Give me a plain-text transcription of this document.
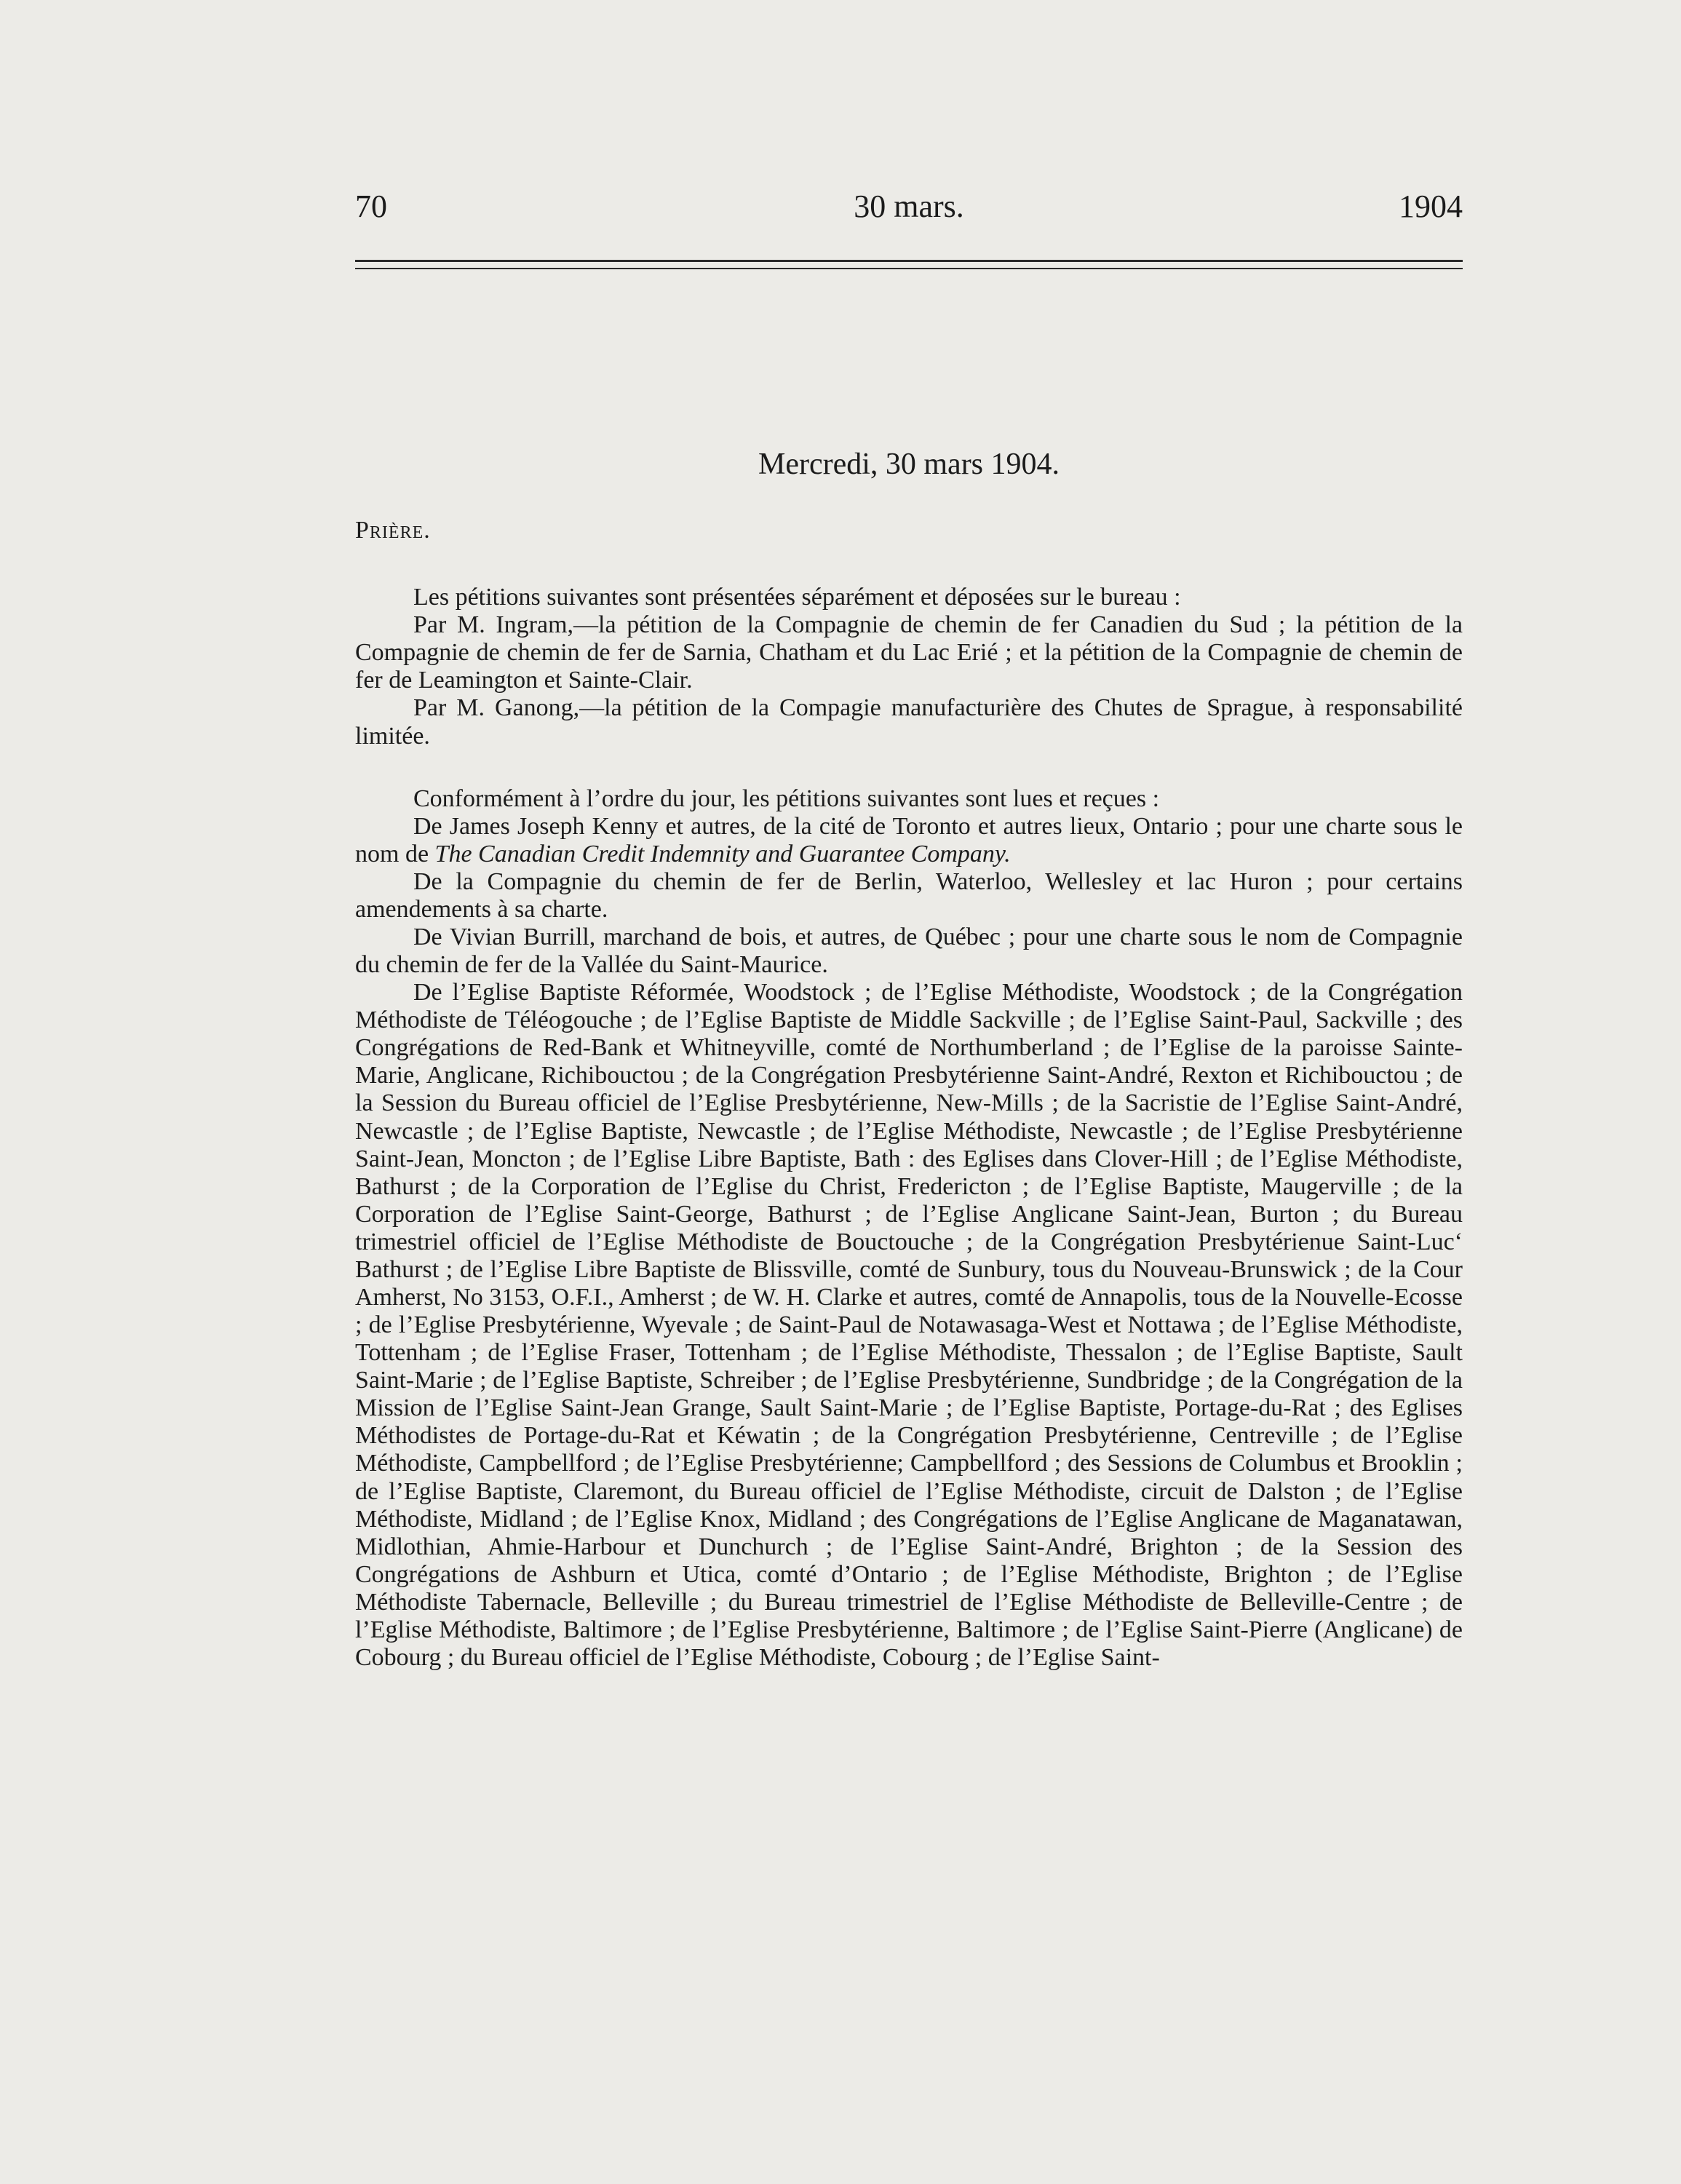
70	30 mars.	1904
Mercredi, 30 mars 1904.
Prière.

Les pétitions suivantes sont présentées séparément et déposées sur le bureau :

Par M. Ingram,—la pétition de la Compagnie de chemin de fer Canadien du Sud ; la pétition de la Compagnie de chemin de fer de Sarnia, Chatham et du Lac Erié ; et la pétition de la Compagnie de chemin de fer de Leamington et Sainte-Clair.

Par M. Ganong,—la pétition de la Compagie manufacturière des Chutes de Sprague, à responsabilité limitée.

Conformément à l’ordre du jour, les pétitions suivantes sont lues et reçues :

De James Joseph Kenny et autres, de la cité de Toronto et autres lieux, Ontario ; pour une charte sous le nom de The Canadian Credit Indemnity and Guarantee Company.

De la Compagnie du chemin de fer de Berlin, Waterloo, Wellesley et lac Huron ; pour certains amendements à sa charte.

De Vivian Burrill, marchand de bois, et autres, de Québec ; pour une charte sous le nom de Compagnie du chemin de fer de la Vallée du Saint-Maurice.

De l’Eglise Baptiste Réformée, Woodstock ; de l’Eglise Méthodiste, Woodstock ; de la Congrégation Méthodiste de Téléogouche ; de l’Eglise Baptiste de Middle Sackville ; de l’Eglise Saint-Paul, Sackville ; des Congrégations de Red-Bank et Whitneyville, comté de Northumberland ; de l’Eglise de la paroisse Sainte-Marie, Anglicane, Richibouctou ; de la Congrégation Presbytérienne Saint-André, Rexton et Richibouctou ; de la Session du Bureau officiel de l’Eglise Presbytérienne, New-Mills ; de la Sacristie de l’Eglise Saint-André, Newcastle ; de l’Eglise Baptiste, Newcastle ; de l’Eglise Méthodiste, Newcastle ; de l’Eglise Presbytérienne Saint-Jean, Moncton ; de l’Eglise Libre Baptiste, Bath : des Eglises dans Clover-Hill ; de l’Eglise Méthodiste, Bathurst ; de la Corporation de l’Eglise du Christ, Fredericton ; de l’Eglise Baptiste, Maugerville ; de la Corporation de l’Eglise Saint-George, Bathurst ; de l’Eglise Anglicane Saint-Jean, Burton ; du Bureau trimestriel officiel de l’Eglise Méthodiste de Bouctouche ; de la Congrégation Presbytérienue Saint-Luc‘ Bathurst ; de l’Eglise Libre Baptiste de Blissville, comté de Sunbury, tous du Nouveau-Brunswick ; de la Cour Amherst, No 3153, O.F.I., Amherst ; de W. H. Clarke et autres, comté de Annapolis, tous de la Nouvelle-Ecosse ; de l’Eglise Presbytérienne, Wyevale ; de Saint-Paul de Notawasaga-West et Nottawa ; de l’Eglise Méthodiste, Tottenham ; de l’Eglise Fraser, Tottenham ; de l’Eglise Méthodiste, Thessalon ; de l’Eglise Baptiste, Sault Saint-Marie ; de l’Eglise Baptiste, Schreiber ; de l’Eglise Presbytérienne, Sundbridge ; de la Congrégation de la Mission de l’Eglise Saint-Jean Grange, Sault Saint-Marie ; de l’Eglise Baptiste, Portage-du-Rat ; des Eglises Méthodistes de Portage-du-Rat et Kéwatin ; de la Congrégation Presbytérienne, Centreville ; de l’Eglise Méthodiste, Campbellford ; de l’Eglise Presbytérienne; Campbellford ; des Sessions de Columbus et Brooklin ; de l’Eglise Baptiste, Claremont, du Bureau officiel de l’Eglise Méthodiste, circuit de Dalston ; de l’Eglise Méthodiste, Midland ; de l’Eglise Knox, Midland ; des Congrégations de l’Eglise Anglicane de Maganatawan, Midlothian, Ahmie-Harbour et Dunchurch ; de l’Eglise Saint-André, Brighton ; de la Session des Congrégations de Ashburn et Utica, comté d’Ontario ; de l’Eglise Méthodiste, Brighton ; de l’Eglise Méthodiste Tabernacle, Belleville ; du Bureau trimestriel de l’Eglise Méthodiste de Belleville-Centre ; de l’Eglise Méthodiste, Baltimore ; de l’Eglise Presbytérienne, Baltimore ; de l’Eglise Saint-Pierre (Anglicane) de Cobourg ; du Bureau officiel de l’Eglise Méthodiste, Cobourg ; de l’Eglise Saint-
